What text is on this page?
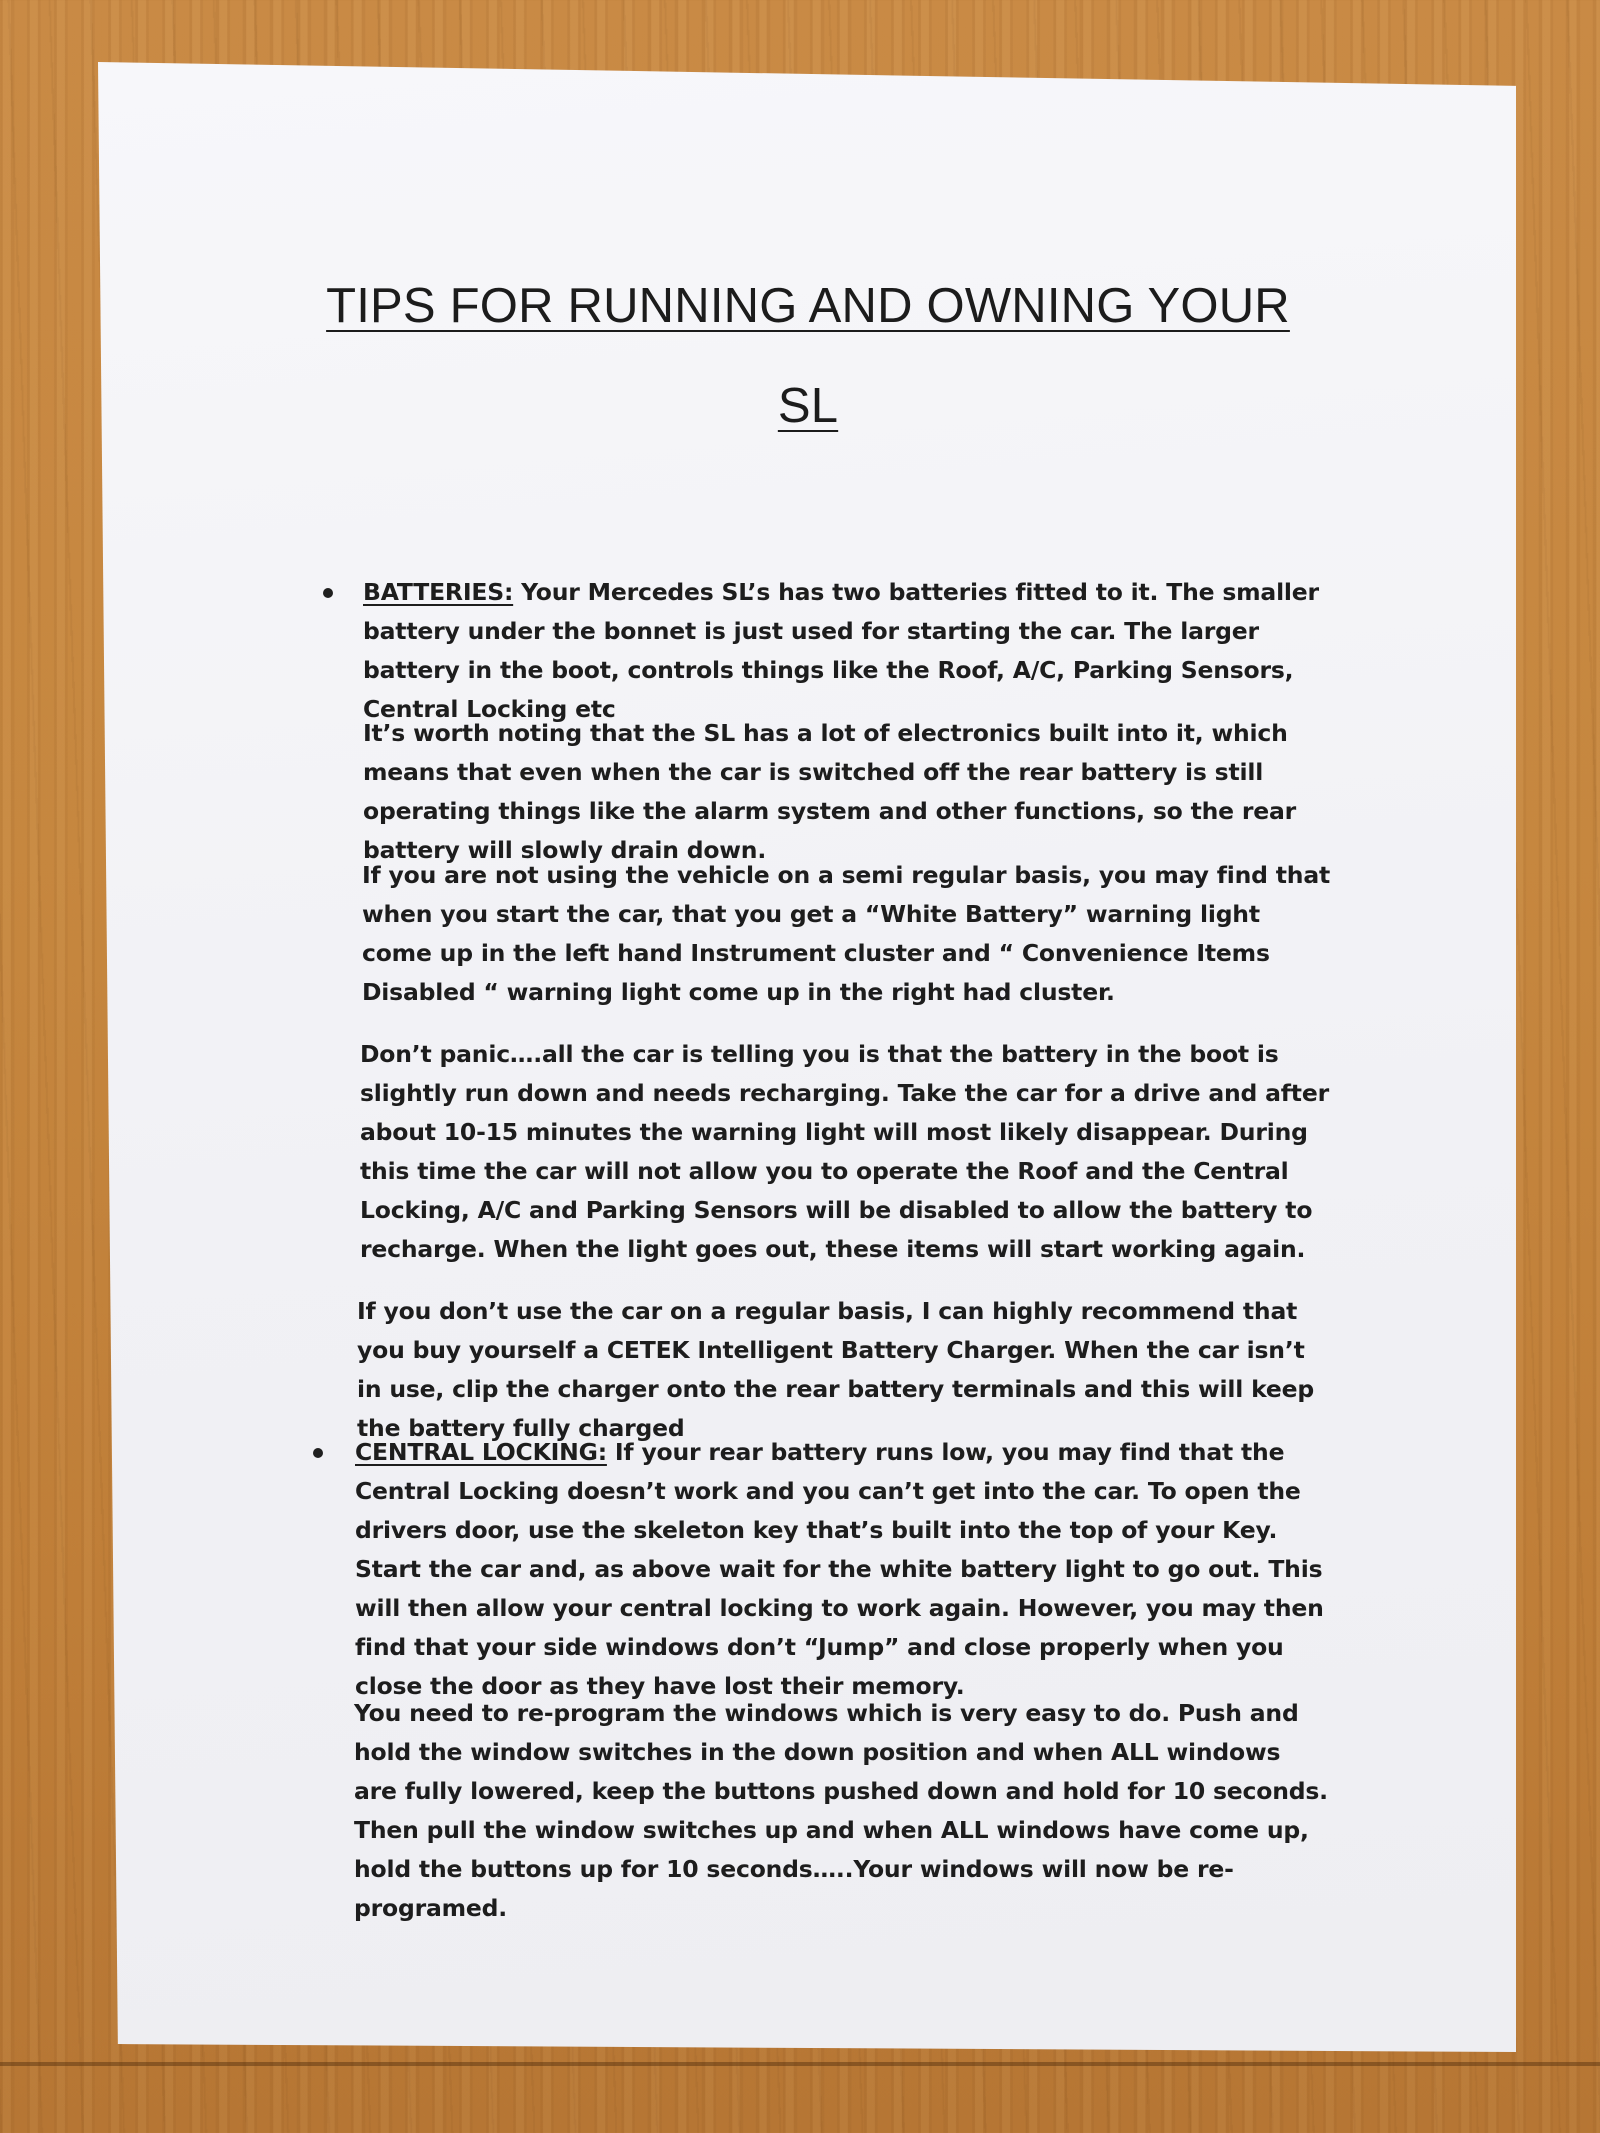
TIPS FOR RUNNING AND OWNING YOUR
SL

BATTERIES: Your Mercedes SL’s has two batteries fitted to it. The smaller battery under the bonnet is just used for starting the car. The larger battery in the boot, controls things like the Roof, A/C, Parking Sensors, Central Locking etc

It’s worth noting that the SL has a lot of electronics built into it, which means that even when the car is switched off the rear battery is still operating things like the alarm system and other functions, so the rear battery will slowly drain down.

If you are not using the vehicle on a semi regular basis, you may find that when you start the car, that you get a “White Battery” warning light come up in the left hand Instrument cluster and “ Convenience Items Disabled “ warning light come up in the right had cluster.

Don’t panic….all the car is telling you is that the battery in the boot is slightly run down and needs recharging. Take the car for a drive and after about 10-15 minutes the warning light will most likely disappear. During this time the car will not allow you to operate the Roof and the Central Locking, A/C and Parking Sensors will be disabled to allow the battery to recharge. When the light goes out, these items will start working again.

If you don’t use the car on a regular basis, I can highly recommend that you buy yourself a CETEK Intelligent Battery Charger. When the car isn’t in use, clip the charger onto the rear battery terminals and this will keep the battery fully charged

CENTRAL LOCKING: If your rear battery runs low, you may find that the Central Locking doesn’t work and you can’t get into the car. To open the drivers door, use the skeleton key that’s built into the top of your Key. Start the car and, as above wait for the white battery light to go out. This will then allow your central locking to work again. However, you may then find that your side windows don’t “Jump” and close properly when you close the door as they have lost their memory.

You need to re-program the windows which is very easy to do. Push and hold the window switches in the down position and when ALL windows are fully lowered, keep the buttons pushed down and hold for 10 seconds. Then pull the window switches up and when ALL windows have come up, hold the buttons up for 10 seconds…..Your windows will now be re-programed.
